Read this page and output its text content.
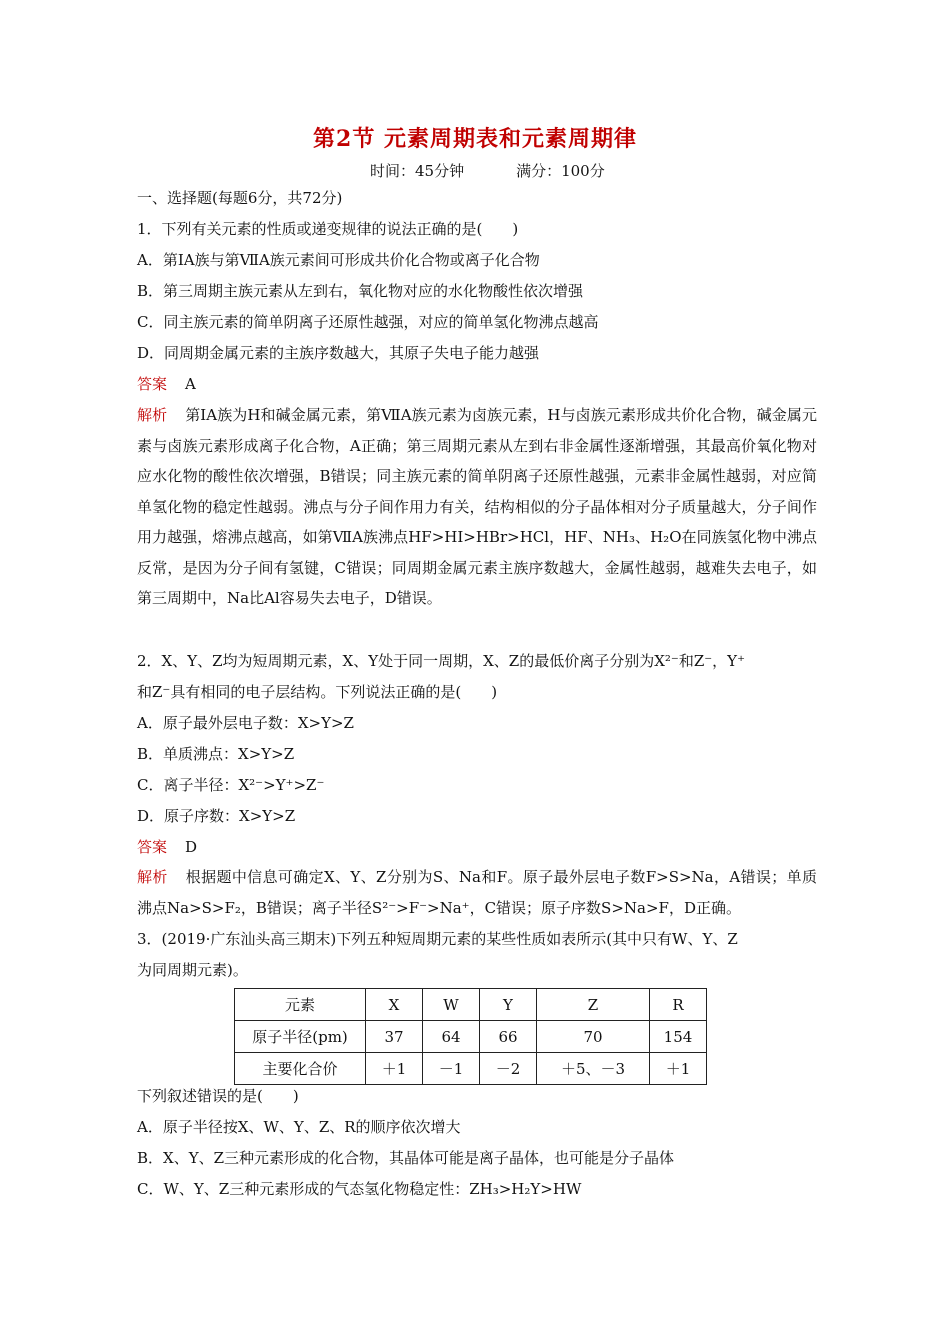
第2节 元素周期表和元素周期律
时间：45分钟	满分：100分
一、选择题(每题6分，共72分)
1．下列有关元素的性质或递变规律的说法正确的是(　　)
A．第ⅠA族与第ⅦA族元素间可形成共价化合物或离子化合物
B．第三周期主族元素从左到右，氧化物对应的水化物酸性依次增强
C．同主族元素的简单阴离子还原性越强，对应的简单氢化物沸点越高
D．同周期金属元素的主族序数越大，其原子失电子能力越强
答案 A
解析 第ⅠA族为H和碱金属元素，第ⅦA族元素为卤族元素，H与卤族元素形成共价化合物，碱金属元素与卤族元素形成离子化合物，A正确；第三周期元素从左到右非金属性逐渐增强，其最高价氧化物对应水化物的酸性依次增强，B错误；同主族元素的简单阴离子还原性越强，元素非金属性越弱，对应简单氢化物的稳定性越弱。沸点与分子间作用力有关，结构相似的分子晶体相对分子质量越大，分子间作用力越强，熔沸点越高，如第ⅦA族沸点HF>HI>HBr>HCl，HF、NH₃、H₂O在同族氢化物中沸点反常，是因为分子间有氢键，C错误；同周期金属元素主族序数越大，金属性越弱，越难失去电子，如第三周期中，Na比Al容易失去电子，D错误。
2．X、Y、Z均为短周期元素，X、Y处于同一周期，X、Z的最低价离子分别为X²⁻和Z⁻，Y⁺
和Z⁻具有相同的电子层结构。下列说法正确的是(　　)
A．原子最外层电子数：X>Y>Z
B．单质沸点：X>Y>Z
C．离子半径：X²⁻>Y⁺>Z⁻
D．原子序数：X>Y>Z
答案 D
解析 根据题中信息可确定X、Y、Z分别为S、Na和F。原子最外层电子数F>S>Na，A错误；单质沸点Na>S>F₂，B错误；离子半径S²⁻>F⁻>Na⁺，C错误；原子序数S>Na>F，D正确。
3．(2019·广东汕头高三期末)下列五种短周期元素的某些性质如表所示(其中只有W、Y、Z
为同周期元素)。
元素	X	W	Y	Z	R
原子半径(pm)	37	64	66	70	154
主要化合价	＋1	－1	－2	＋5、－3	＋1
下列叙述错误的是(　　)
A．原子半径按X、W、Y、Z、R的顺序依次增大
B．X、Y、Z三种元素形成的化合物，其晶体可能是离子晶体，也可能是分子晶体
C．W、Y、Z三种元素形成的气态氢化物稳定性：ZH₃>H₂Y>HW
